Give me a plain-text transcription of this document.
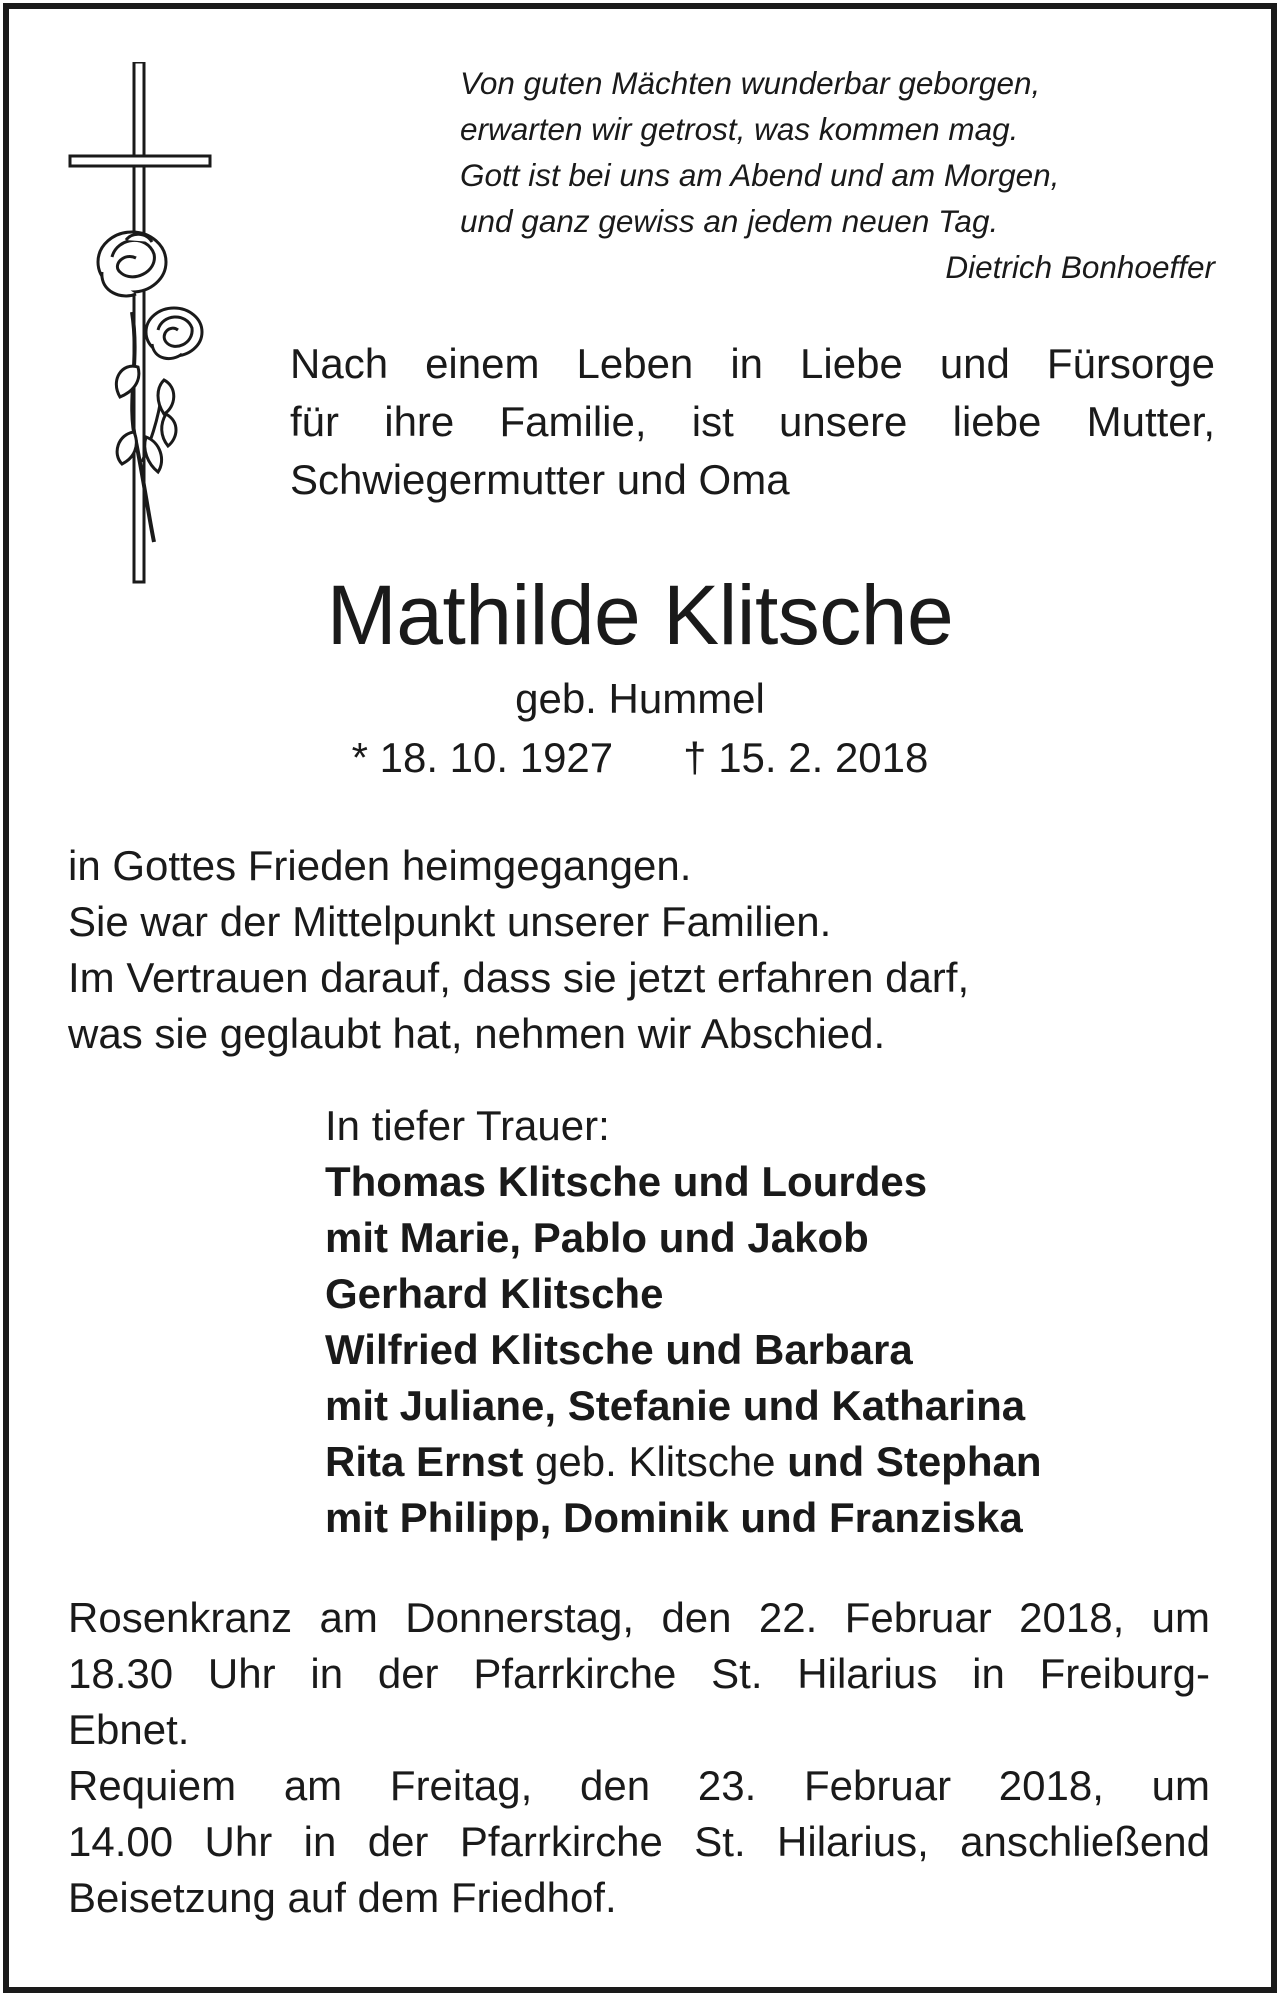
Von guten Mächten wunderbar geborgen,
erwarten wir getrost, was kommen mag.
Gott ist bei uns am Abend und am Morgen,
und ganz gewiss an jedem neuen Tag.
Dietrich Bonhoeffer
Nach einem Leben in Liebe und Fürsorge
für ihre Familie, ist unsere liebe Mutter,
Schwiegermutter und Oma
Mathilde Klitsche
geb. Hummel
* 18. 10. 1927 † 15. 2. 2018
in Gottes Frieden heimgegangen.
Sie war der Mittelpunkt unserer Familien.
Im Vertrauen darauf, dass sie jetzt erfahren darf,
was sie geglaubt hat, nehmen wir Abschied.
In tiefer Trauer:
Thomas Klitsche und Lourdes
mit Marie, Pablo und Jakob
Gerhard Klitsche
Wilfried Klitsche und Barbara
mit Juliane, Stefanie und Katharina
Rita Ernst geb. Klitsche und Stephan
mit Philipp, Dominik und Franziska
Rosenkranz am Donnerstag, den 22. Februar 2018, um
18.30 Uhr in der Pfarrkirche St. Hilarius in Freiburg-
Ebnet.
Requiem am Freitag, den 23. Februar 2018, um
14.00 Uhr in der Pfarrkirche St. Hilarius, anschließend
Beisetzung auf dem Friedhof.
